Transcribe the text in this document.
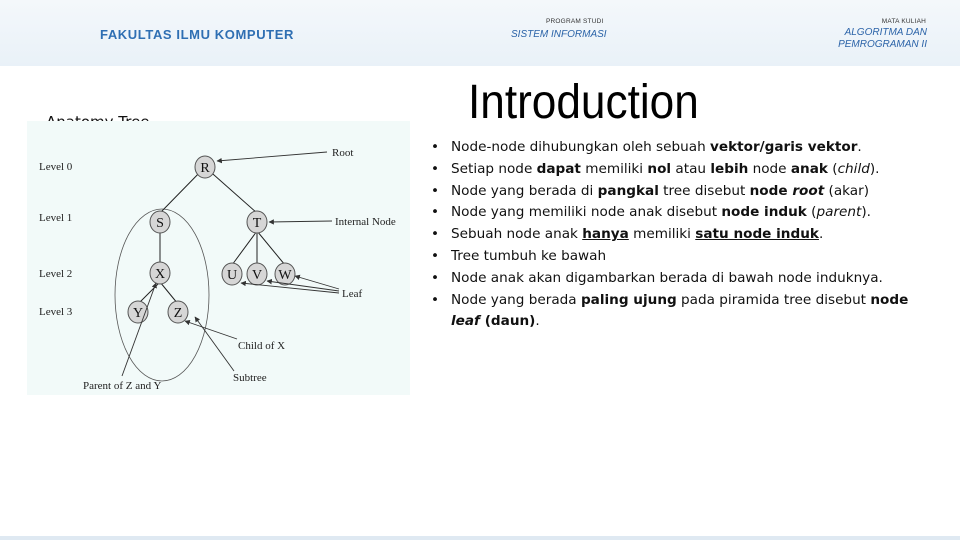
FAKULTAS ILMU KOMPUTER
PROGRAM STUDI
SISTEM INFORMASI
MATA KULIAH
ALGORITMA DAN
PEMROGRAMAN II
Introduction
Level 0
Level 1
Level 2
Level 3
R
S	T
X	U V W
Y Z
Root
Internal Node
Leaf
Child of X
Subtree
Parent of Z and Y
• Node-node dihubungkan oleh sebuah vektor/garis vektor.
• Setiap node dapat memiliki nol atau lebih node anak (child).
• Node yang berada di pangkal tree disebut node root (akar)
• Node yang memiliki node anak disebut node induk (parent).
• Sebuah node anak hanya memiliki satu node induk.
• Tree tumbuh ke bawah
• Node anak akan digambarkan berada di bawah node induknya.
• Node yang berada paling ujung pada piramida tree disebut node leaf (daun).
